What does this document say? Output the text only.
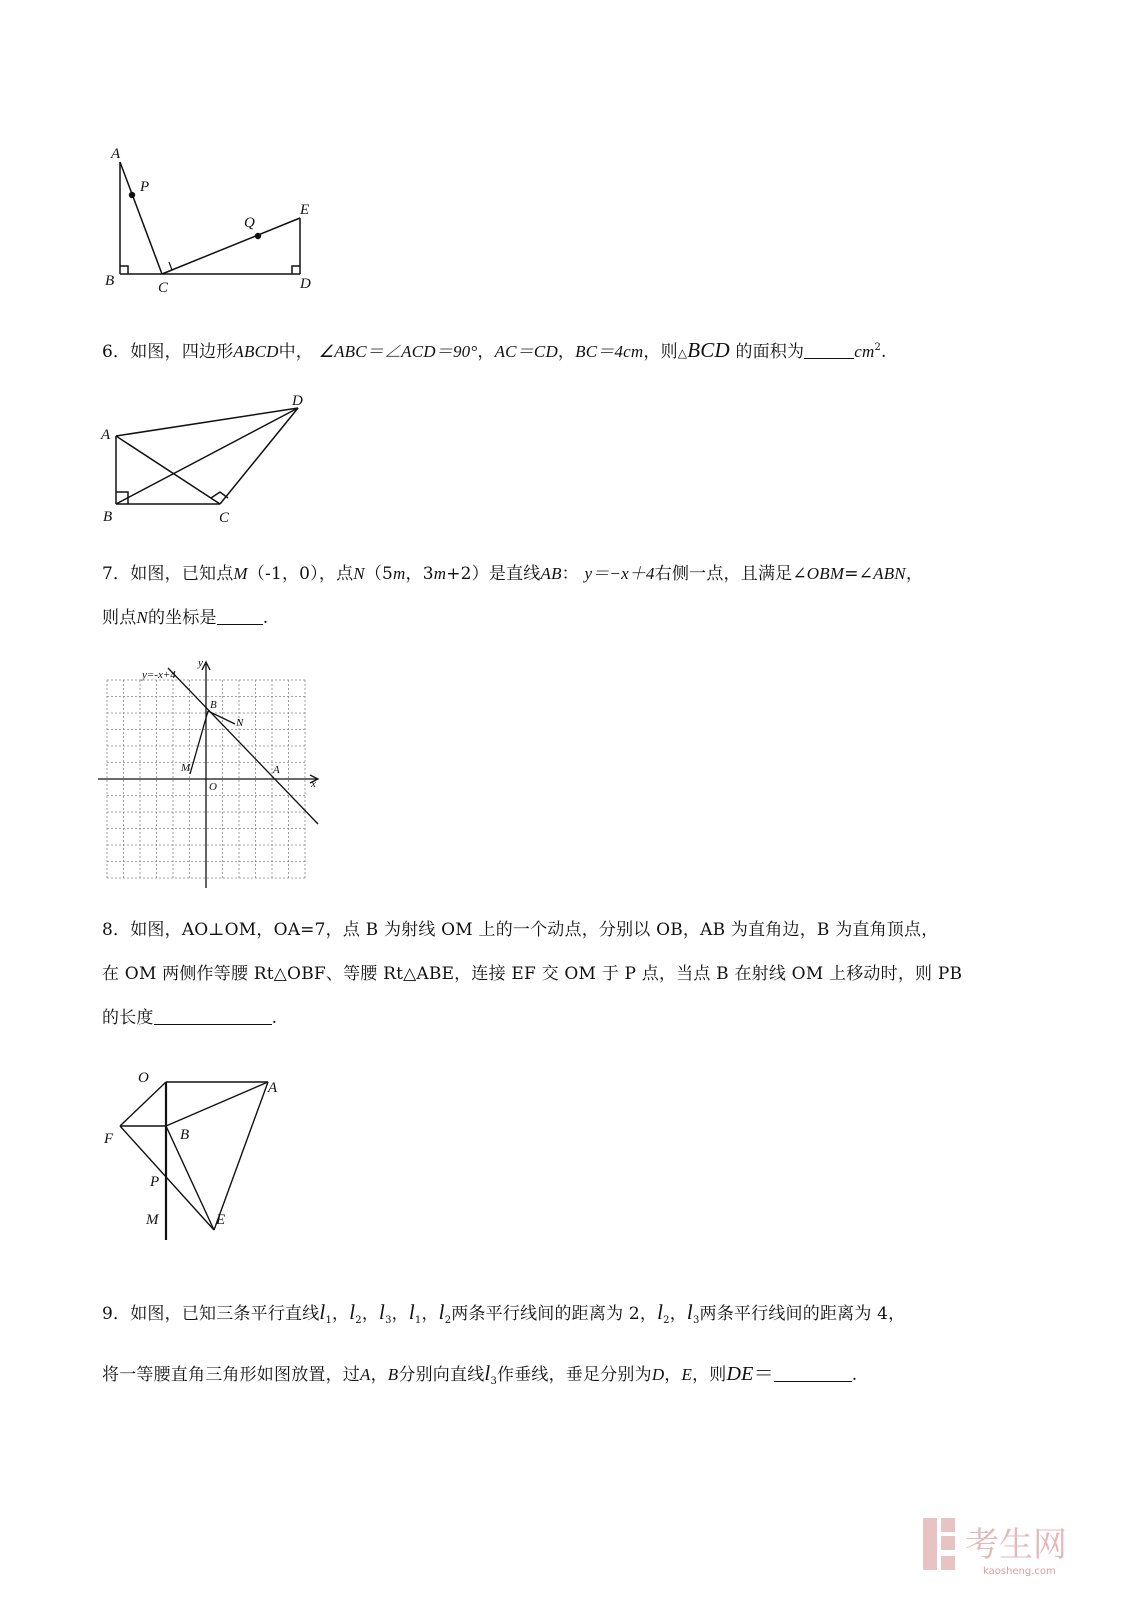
A
P
B	C
Q
E
D

6．如图，四边形ABCD中， ∠ABC＝∠ACD＝90°，AC＝CD，BC＝4cm，则△BCD 的面积为	$cm^2$.

A
B	C
D

7．如图，已知点M（-1，0），点N（5m，3m+2）是直线AB： y＝−x＋4右侧一点，且满足∠OBM=∠ABN，

则点N的坐标是	.

y=-x+4
y
B
N
M
O
A
x

8．如图，AO⊥OM，OA=7，点 B 为射线 OM 上的一个动点，分别以 OB，AB 为直角边，B 为直角顶点，

在 OM 两侧作等腰 Rt△OBF、等腰 Rt△ABE，连接 EF 交 OM 于 P 点，当点 B 在射线 OM 上移动时，则 PB

的长度	.

O
A
F	B
P
M	E

9．如图，已知三条平行直线$l_1$，$l_2$，$l_3$，$l_1$，$l_2$两条平行线间的距离为 2，$l_2$，$l_3$两条平行线间的距离为 4，

将一等腰直角三角形如图放置，过A，B分别向直线$l_3$作垂线，垂足分别为D，E，则DE＝	.

考生网
kaosheng.com
